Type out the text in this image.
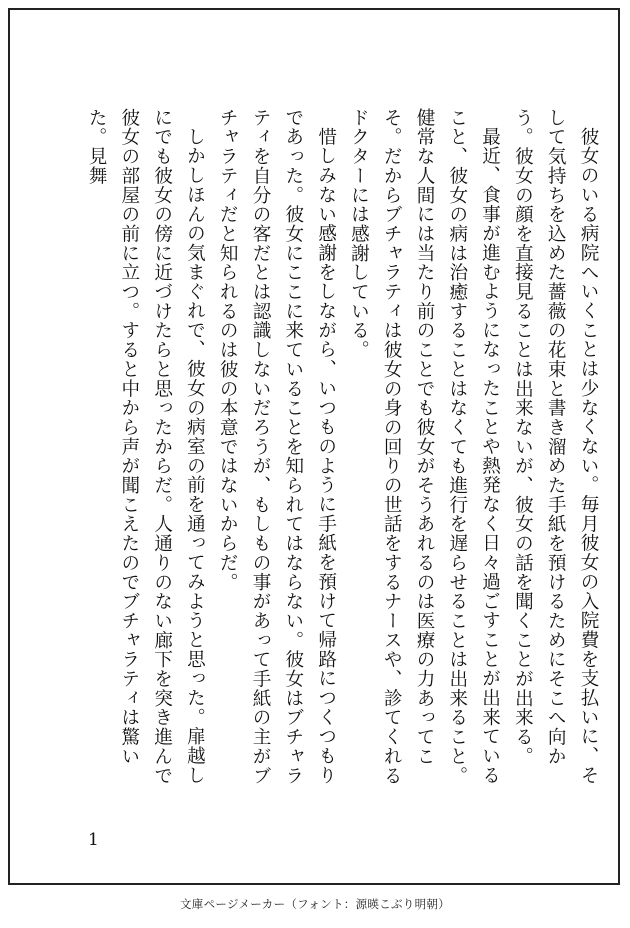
彼女のいる病院へいくことは少なくない。毎月彼女の入院費を支払いに、そして気持ちを込めた薔薇の花束と書き溜めた手紙を預けるためにそこへ向かう。彼女の顔を直接見ることは出来ないが、彼女の話を聞くことが出来る。

最近、食事が進むようになったことや熱発なく日々過ごすことが出来ていること、彼女の病は治癒することはなくても進行を遅らせることは出来ること。健常な人間には当たり前のことでも彼女がそうあれるのは医療の力あってこそ。だからブチャラティは彼女の身の回りの世話をするナースや、診てくれるドクターには感謝している。

惜しみない感謝をしながら、いつものように手紙を預けて帰路につくつもりであった。彼女にここに来ていることを知られてはならない。彼女はブチャラティを自分の客だとは認識しないだろうが、もしもの事があって手紙の主がブチャラティだと知られるのは彼の本意ではないからだ。

しかしほんの気まぐれで、彼女の病室の前を通ってみようと思った。扉越しにでも彼女の傍に近づけたらと思ったからだ。人通りのない廊下を突き進んで彼女の部屋の前に立つ。すると中から声が聞こえたのでブチャラティは驚いた。見舞

1
文庫ページメーカー（フォント：源暎こぶり明朝）
